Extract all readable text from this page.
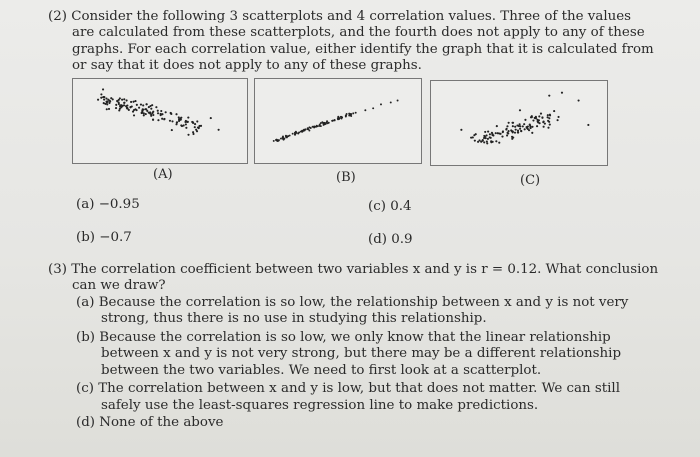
(2) Consider the following 3 scatterplots and 4 correlation values. Three of the values
are calculated from these scatterplots, and the fourth does not apply to any of these
graphs. For each correlation value, either identify the graph that it is calculated from
or say that it does not apply to any of these graphs.
(A)	(B)	(C)
(a) −0.95	(c) 0.4
(b) −0.7	(d) 0.9
(3) The correlation coefficient between two variables x and y is r = 0.12. What conclusion
can we draw?
(a) Because the correlation is so low, the relationship between x and y is not very
strong, thus there is no use in studying this relationship.
(b) Because the correlation is so low, we only know that the linear relationship
between x and y is not very strong, but there may be a different relationship
between the two variables. We need to first look at a scatterplot.
(c) The correlation between x and y is low, but that does not matter. We can still
safely use the least-squares regression line to make predictions.
(d) None of the above
